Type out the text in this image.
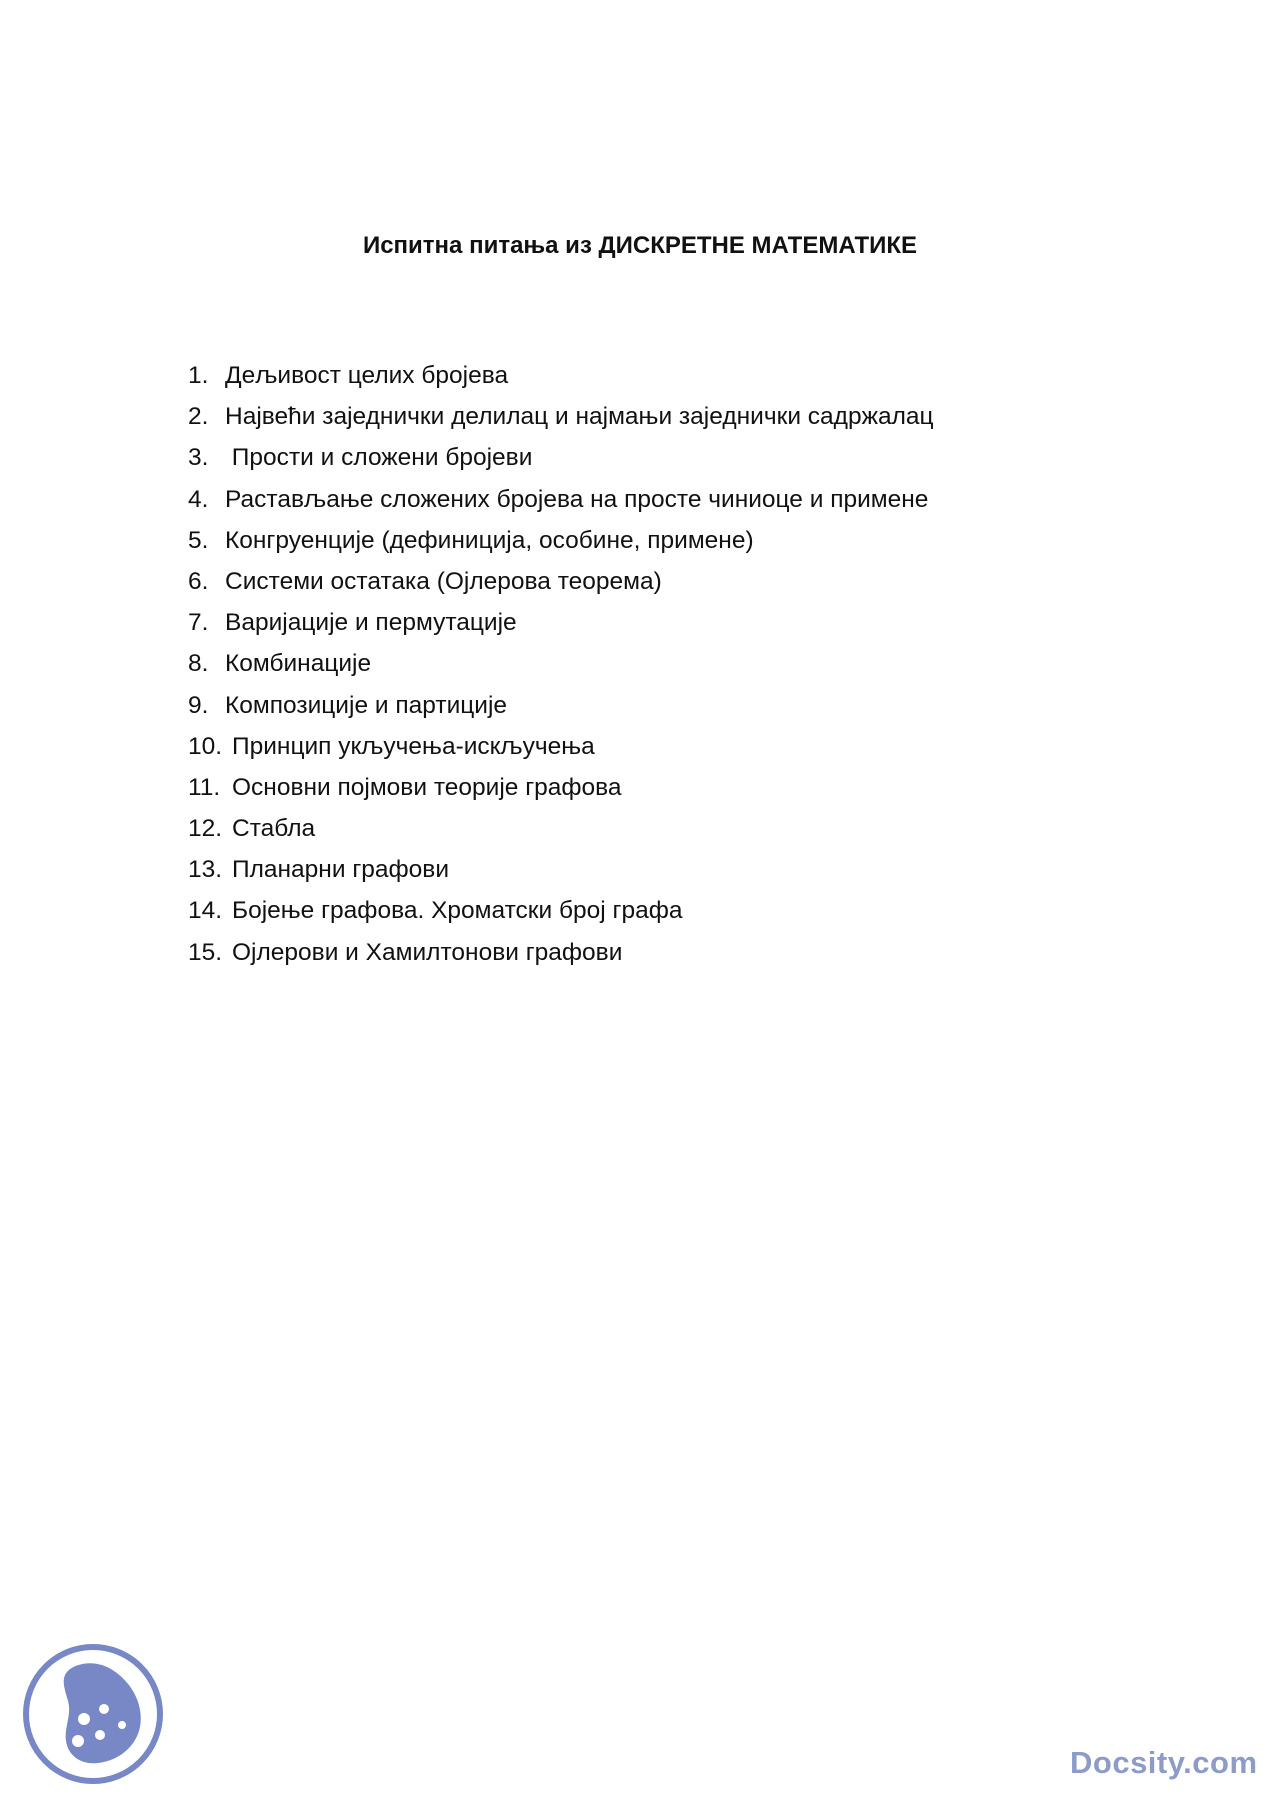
Испитна питања из ДИСКРЕТНЕ МАТЕМАТИКЕ
1. Дељивост целих бројева
2. Највећи заједнички делилац и најмањи заједнички садржалац
3. Прости и сложени бројеви
4. Растављање сложених бројева на просте чиниоце и примене
5. Конгруенције (дефиниција, особине, примене)
6. Системи остатака (Ојлерова теорема)
7. Варијације и пермутације
8. Комбинације
9. Композиције и партиције
10. Принцип укључења-искључења
11. Основни појмови теорије графова
12. Стабла
13. Планарни графови
14. Бојење графова. Хроматски број графа
15. Ојлерови и Хамилтонови графови
Docsity.com
